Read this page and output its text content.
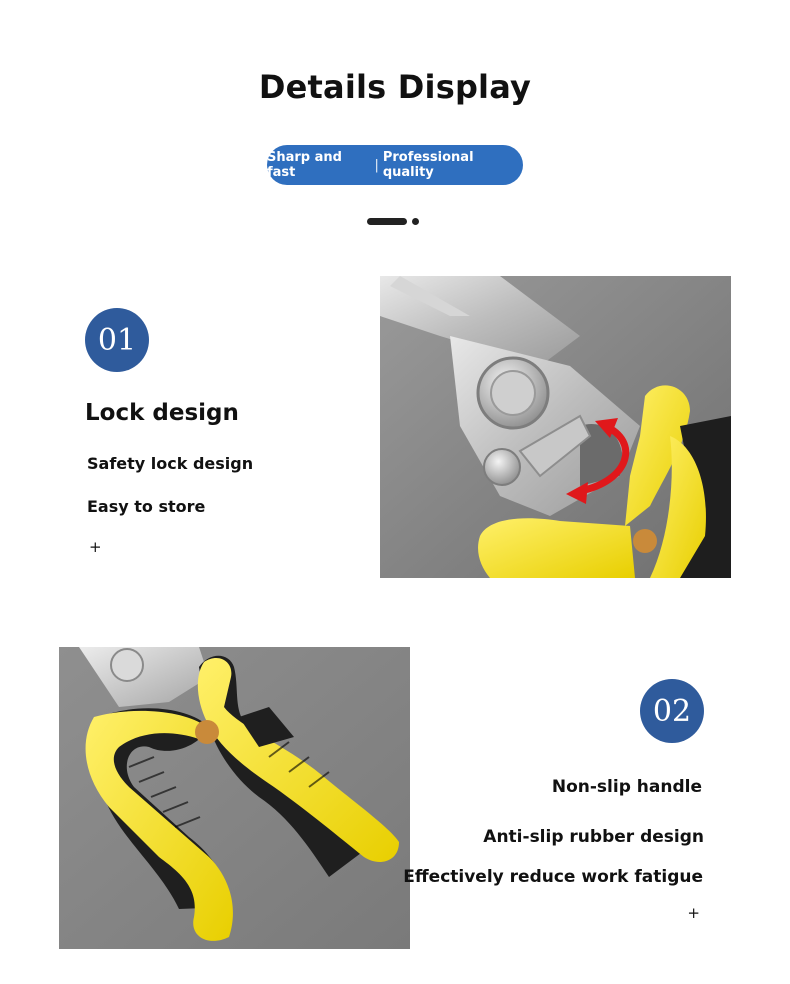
Details Display
Sharp and fast	| Professional quality
01
Lock design
Safety lock design
Easy to store
+
02
Non-slip handle
Anti-slip rubber design
Effectively reduce work fatigue
+
